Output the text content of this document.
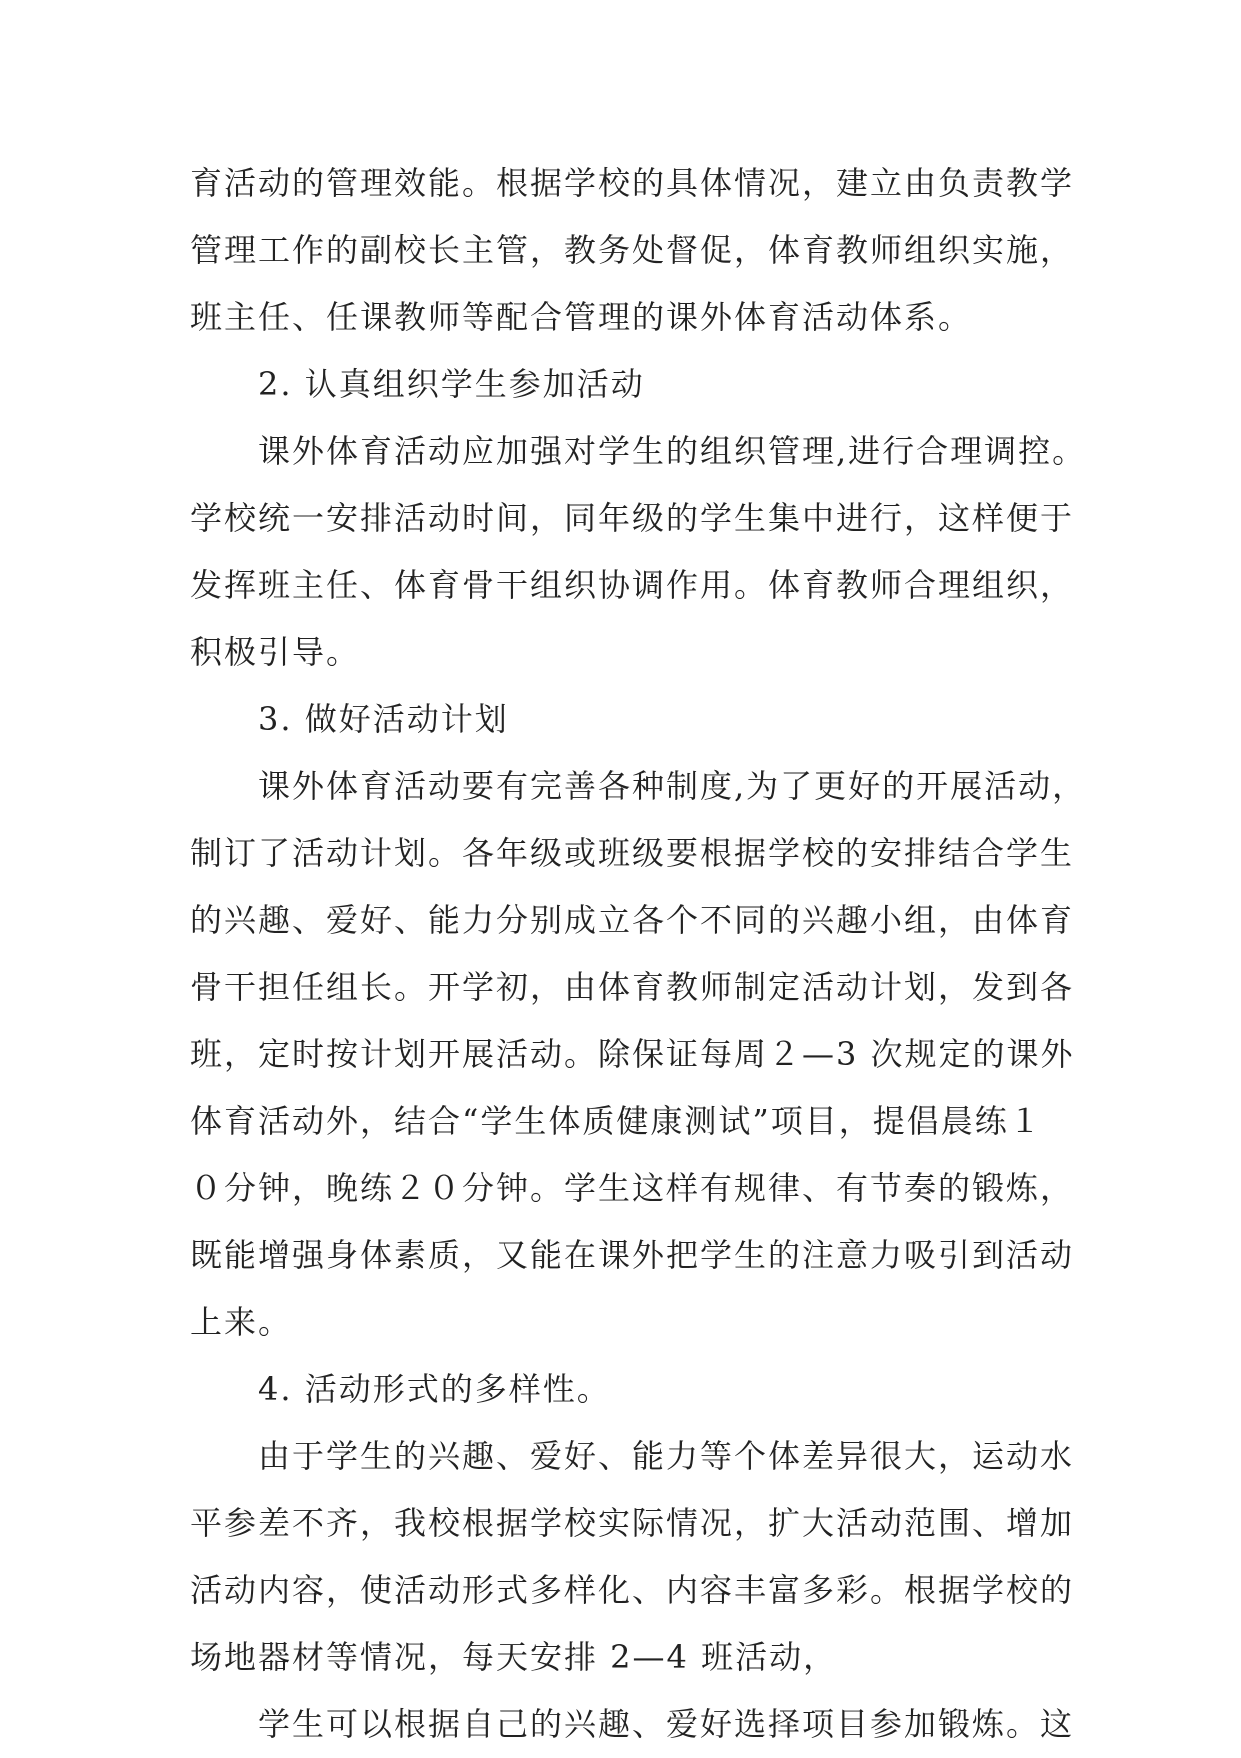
育活动的管理效能。根据学校的具体情况，建立由负责教学
管理工作的副校长主管，教务处督促，体育教师组织实施，
班主任、任课教师等配合管理的课外体育活动体系。
2. 认真组织学生参加活动
课外体育活动应加强对学生的组织管理,进行合理调控。
学校统一安排活动时间，同年级的学生集中进行，这样便于
发挥班主任、体育骨干组织协调作用。体育教师合理组织，
积极引导。
3. 做好活动计划
课外体育活动要有完善各种制度,为了更好的开展活动，
制订了活动计划。各年级或班级要根据学校的安排结合学生
的兴趣、爱好、能力分别成立各个不同的兴趣小组，由体育
骨干担任组长。开学初，由体育教师制定活动计划，发到各
班，定时按计划开展活动。除保证每周２—3 次规定的课外
体育活动外，结合“学生体质健康测试”项目，提倡晨练１
０分钟，晚练２０分钟。学生这样有规律、有节奏的锻炼，
既能增强身体素质，又能在课外把学生的注意力吸引到活动
上来。
4. 活动形式的多样性。
由于学生的兴趣、爱好、能力等个体差异很大，运动水
平参差不齐，我校根据学校实际情况，扩大活动范围、增加
活动内容，使活动形式多样化、内容丰富多彩。根据学校的
场地器材等情况，每天安排 2—4 班活动，
学生可以根据自己的兴趣、爱好选择项目参加锻炼。这
